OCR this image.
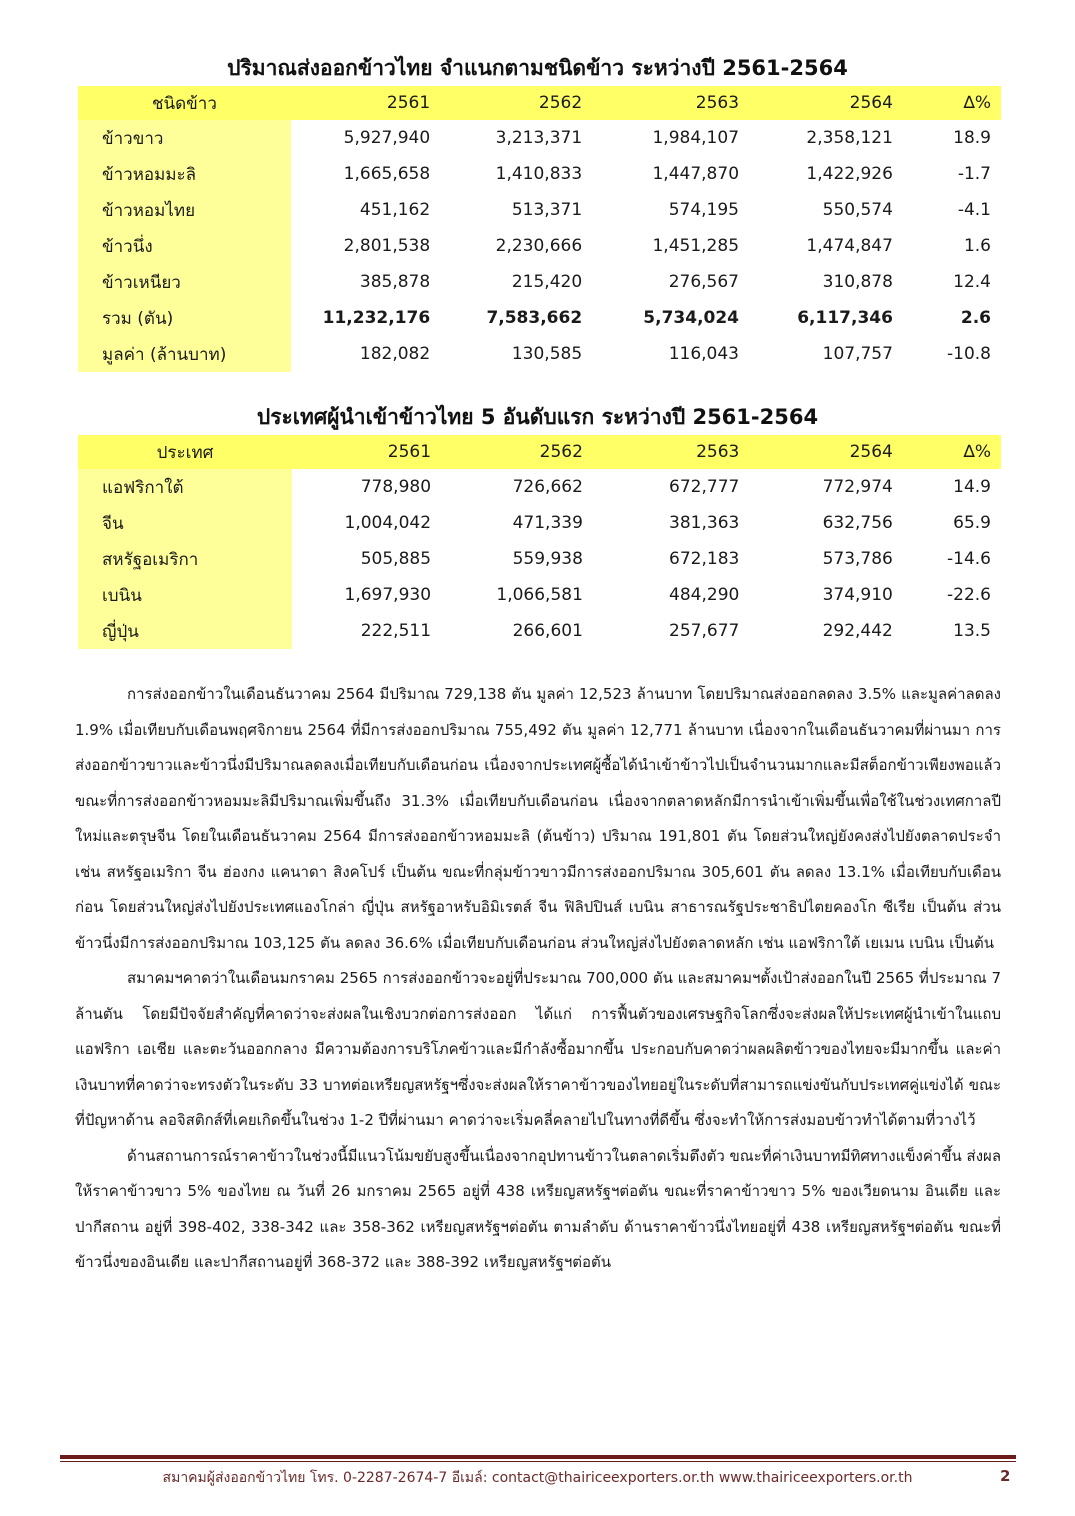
ปริมาณส่งออกข้าวไทย จำแนกตามชนิดข้าว ระหว่างปี 2561-2564
ชนิดข้าว	2561	2562	2563	2564	∆%
ข้าวขาว	5,927,940	3,213,371	1,984,107	2,358,121	18.9
ข้าวหอมมะลิ	1,665,658	1,410,833	1,447,870	1,422,926	-1.7
ข้าวหอมไทย	451,162	513,371	574,195	550,574	-4.1
ข้าวนึ่ง	2,801,538	2,230,666	1,451,285	1,474,847	1.6
ข้าวเหนียว	385,878	215,420	276,567	310,878	12.4
รวม (ตัน)	11,232,176	7,583,662	5,734,024	6,117,346	2.6
มูลค่า (ล้านบาท)	182,082	130,585	116,043	107,757	-10.8
ประเทศผู้นำเข้าข้าวไทย 5 อันดับแรก ระหว่างปี 2561-2564
ประเทศ	2561	2562	2563	2564	∆%
แอฟริกาใต้	778,980	726,662	672,777	772,974	14.9
จีน	1,004,042	471,339	381,363	632,756	65.9
สหรัฐอเมริกา	505,885	559,938	672,183	573,786	-14.6
เบนิน	1,697,930	1,066,581	484,290	374,910	-22.6
ญี่ปุ่น	222,511	266,601	257,677	292,442	13.5

การส่งออกข้าวในเดือนธันวาคม 2564 มีปริมาณ 729,138 ตัน มูลค่า 12,523 ล้านบาท โดยปริมาณส่งออกลดลง 3.5% และมูลค่าลดลง 1.9% เมื่อเทียบกับเดือนพฤศจิกายน 2564 ที่มีการส่งออกปริมาณ 755,492 ตัน มูลค่า 12,771 ล้านบาท เนื่องจากในเดือนธันวาคมที่ผ่านมา การส่งออกข้าวขาวและข้าวนึ่งมีปริมาณลดลงเมื่อเทียบกับเดือนก่อน เนื่องจากประเทศผู้ซื้อได้นำเข้าข้าวไปเป็นจำนวนมากและมีสต็อกข้าวเพียงพอแล้ว ขณะที่การส่งออกข้าวหอมมะลิมีปริมาณเพิ่มขึ้นถึง 31.3% เมื่อเทียบกับเดือนก่อน เนื่องจากตลาดหลักมีการนำเข้าเพิ่มขึ้นเพื่อใช้ในช่วงเทศกาลปีใหม่และตรุษจีน โดยในเดือนธันวาคม 2564 มีการส่งออกข้าวหอมมะลิ (ต้นข้าว) ปริมาณ 191,801 ตัน โดยส่วนใหญ่ยังคงส่งไปยังตลาดประจำ เช่น สหรัฐอเมริกา จีน ฮ่องกง แคนาดา สิงคโปร์ เป็นต้น ขณะที่กลุ่มข้าวขาวมีการส่งออกปริมาณ 305,601 ตัน ลดลง 13.1% เมื่อเทียบกับเดือนก่อน โดยส่วนใหญ่ส่งไปยังประเทศแองโกล่า ญี่ปุ่น สหรัฐอาหรับอิมิเรตส์ จีน ฟิลิปปินส์ เบนิน สาธารณรัฐประชาธิปไตยคองโก ซีเรีย เป็นต้น ส่วนข้าวนึ่งมีการส่งออกปริมาณ 103,125 ตัน ลดลง 36.6% เมื่อเทียบกับเดือนก่อน ส่วนใหญ่ส่งไปยังตลาดหลัก เช่น แอฟริกาใต้ เยเมน เบนิน เป็นต้น

สมาคมฯคาดว่าในเดือนมกราคม 2565 การส่งออกข้าวจะอยู่ที่ประมาณ 700,000 ตัน และสมาคมฯตั้งเป้าส่งออกในปี 2565 ที่ประมาณ 7 ล้านตัน โดยมีปัจจัยสำคัญที่คาดว่าจะส่งผลในเชิงบวกต่อการส่งออก ได้แก่ การฟื้นตัวของเศรษฐกิจโลกซึ่งจะส่งผลให้ประเทศผู้นำเข้าในแถบแอฟริกา เอเชีย และตะวันออกกลาง มีความต้องการบริโภคข้าวและมีกำลังซื้อมากขึ้น ประกอบกับคาดว่าผลผลิตข้าวของไทยจะมีมากขึ้น และค่าเงินบาทที่คาดว่าจะทรงตัวในระดับ 33 บาทต่อเหรียญสหรัฐฯซึ่งจะส่งผลให้ราคาข้าวของไทยอยู่ในระดับที่สามารถแข่งขันกับประเทศคู่แข่งได้ ขณะที่ปัญหาด้าน ลอจิสติกส์ที่เคยเกิดขึ้นในช่วง 1-2 ปีที่ผ่านมา คาดว่าจะเริ่มคลี่คลายไปในทางที่ดีขึ้น ซึ่งจะทำให้การส่งมอบข้าวทำได้ตามที่วางไว้

ด้านสถานการณ์ราคาข้าวในช่วงนี้มีแนวโน้มขยับสูงขึ้นเนื่องจากอุปทานข้าวในตลาดเริ่มตึงตัว ขณะที่ค่าเงินบาทมีทิศทางแข็งค่าขึ้น ส่งผลให้ราคาข้าวขาว 5% ของไทย ณ วันที่ 26 มกราคม 2565 อยู่ที่ 438 เหรียญสหรัฐฯต่อตัน ขณะที่ราคาข้าวขาว 5% ของเวียดนาม อินเดีย และปากีสถาน อยู่ที่ 398-402, 338-342 และ 358-362 เหรียญสหรัฐฯต่อตัน ตามลำดับ ด้านราคาข้าวนึ่งไทยอยู่ที่ 438 เหรียญสหรัฐฯต่อตัน ขณะที่ข้าวนึ่งของอินเดีย และปากีสถานอยู่ที่ 368-372 และ 388-392 เหรียญสหรัฐฯต่อตัน

สมาคมผู้ส่งออกข้าวไทย โทร. 0-2287-2674-7 อีเมล์: contact@thairiceexporters.or.th www.thairiceexporters.or.th	2
